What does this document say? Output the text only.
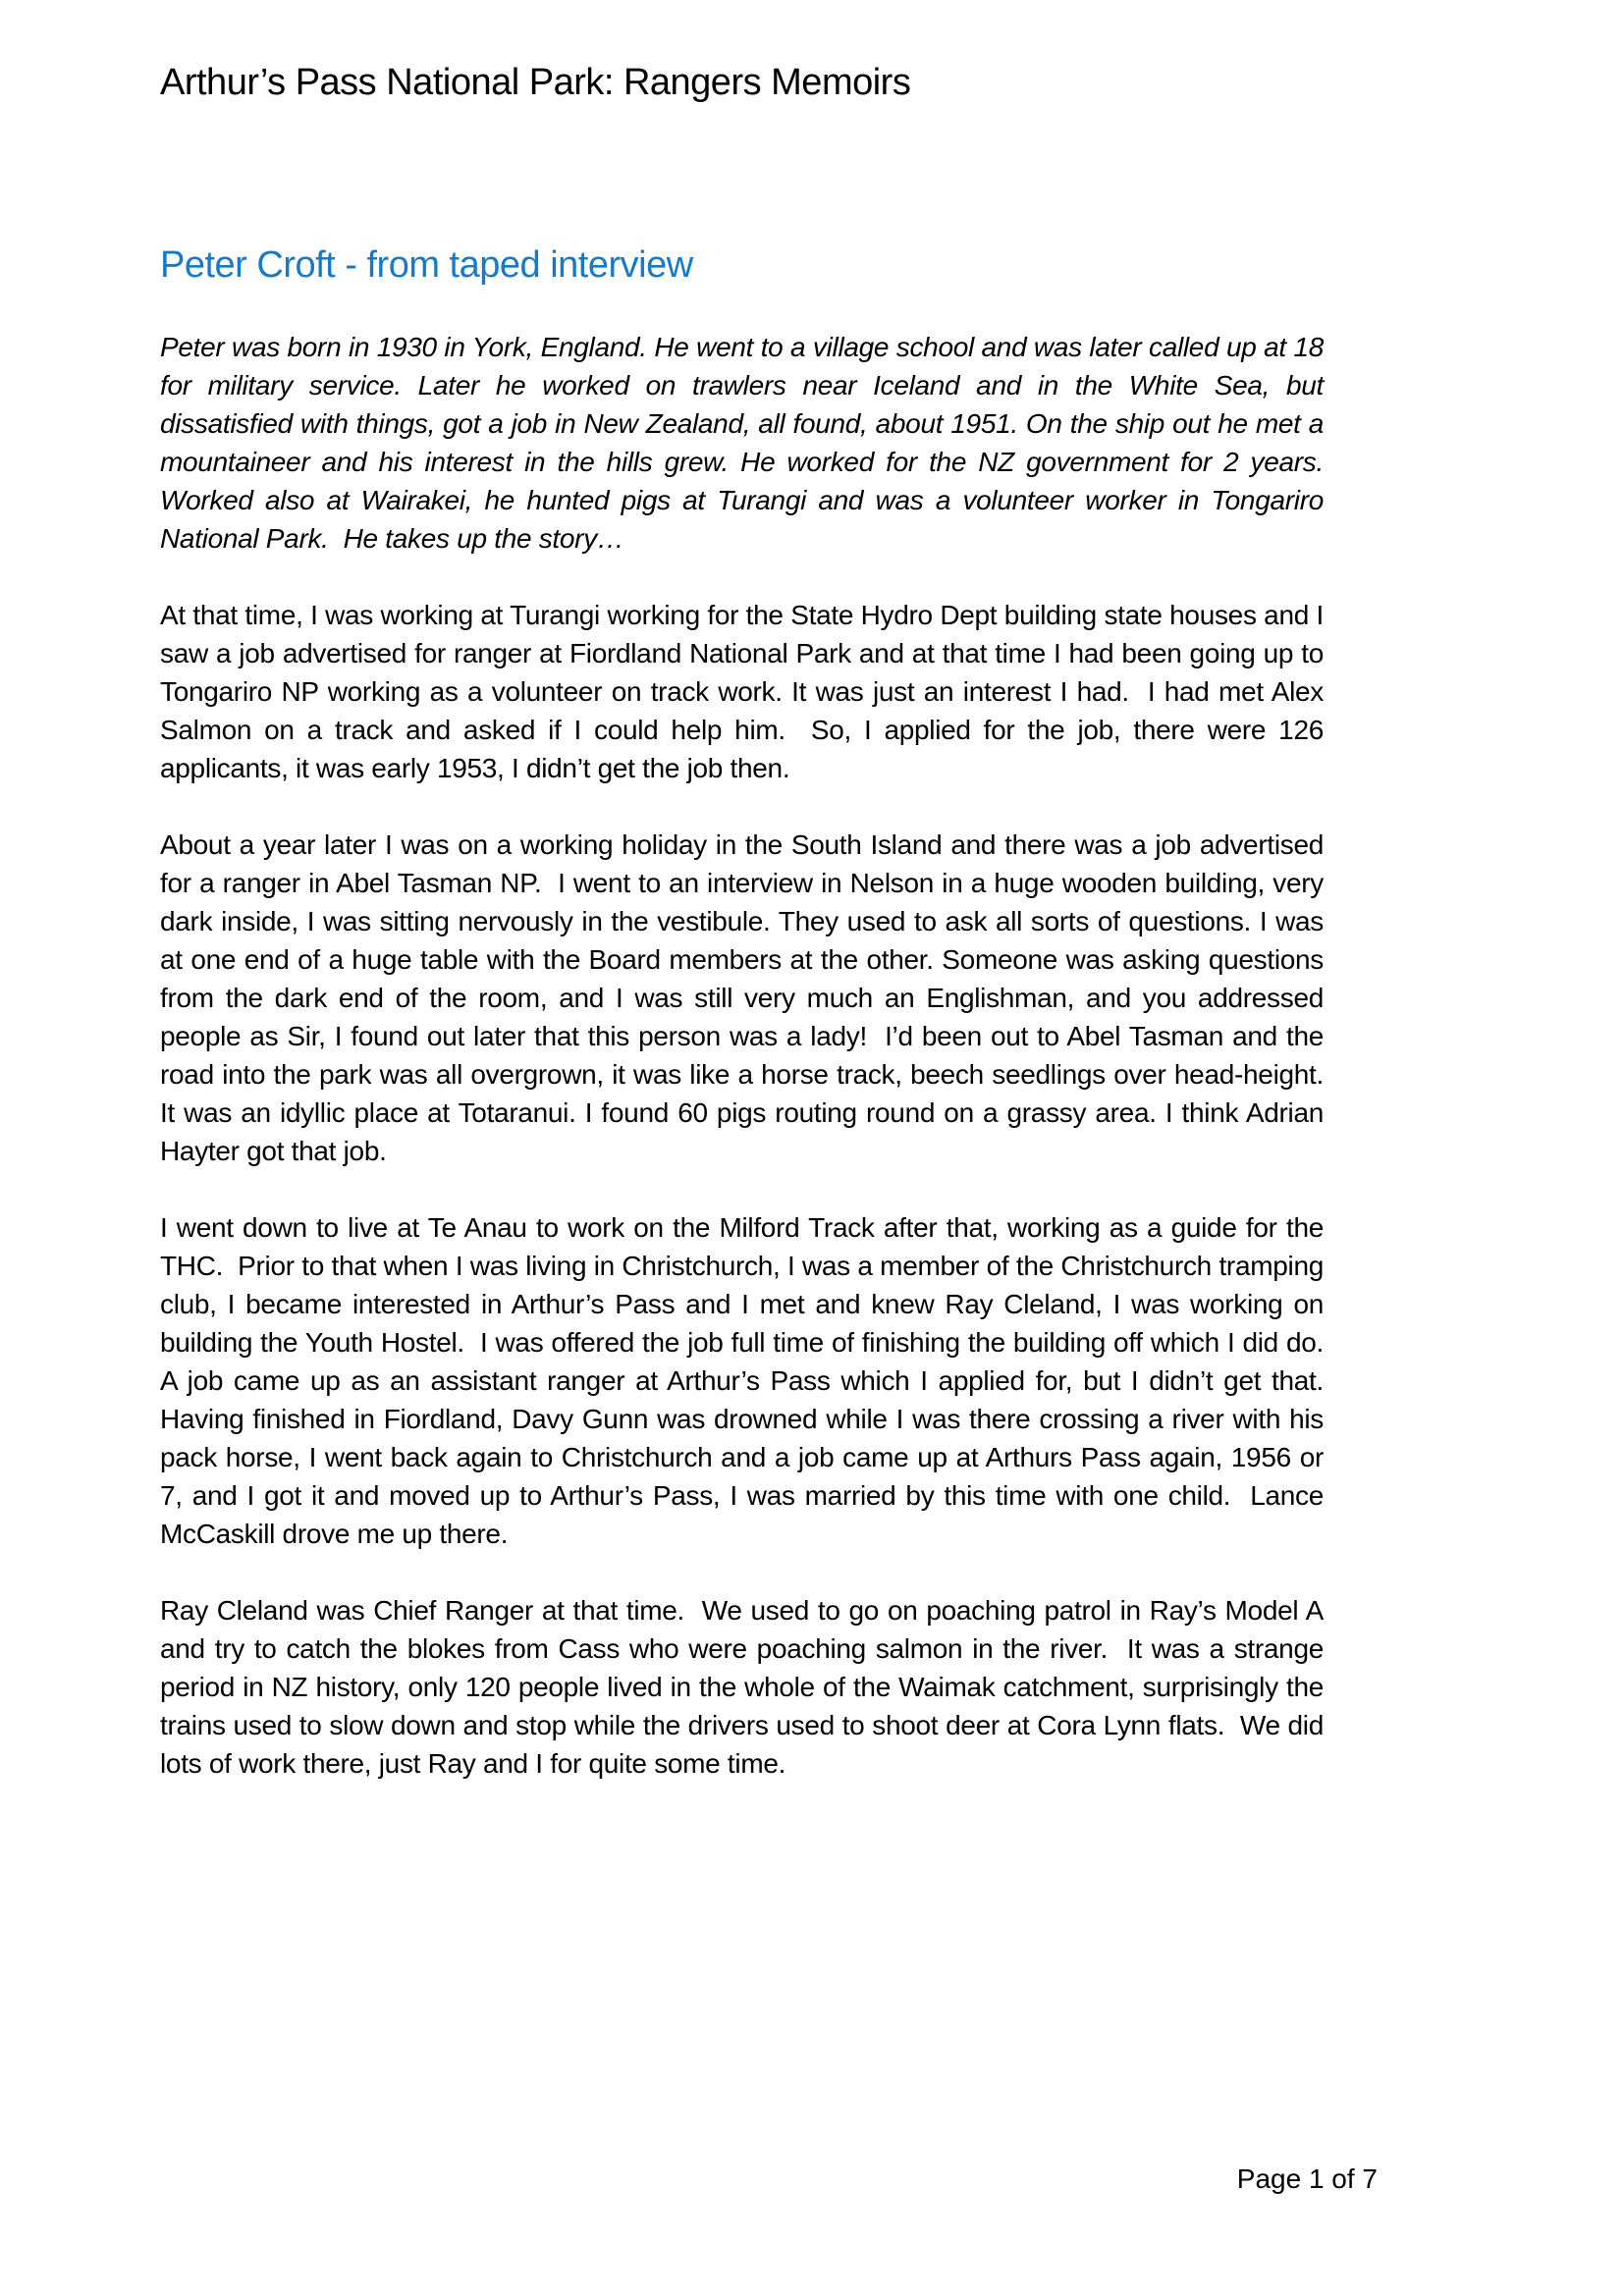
Arthur’s Pass National Park: Rangers Memoirs
Peter Croft - from taped interview

Peter was born in 1930 in York, England. He went to a village school and was later called up at 18 for military service. Later he worked on trawlers near Iceland and in the White Sea, but dissatisfied with things, got a job in New Zealand, all found, about 1951. On the ship out he met a mountaineer and his interest in the hills grew. He worked for the NZ government for 2 years. Worked also at Wairakei, he hunted pigs at Turangi and was a volunteer worker in Tongariro National Park.  He takes up the story…

At that time, I was working at Turangi working for the State Hydro Dept building state houses and I saw a job advertised for ranger at Fiordland National Park and at that time I had been going up to Tongariro NP working as a volunteer on track work. It was just an interest I had.  I had met Alex Salmon on a track and asked if I could help him.  So, I applied for the job, there were 126 applicants, it was early 1953, I didn’t get the job then.

About a year later I was on a working holiday in the South Island and there was a job advertised for a ranger in Abel Tasman NP.  I went to an interview in Nelson in a huge wooden building, very dark inside, I was sitting nervously in the vestibule. They used to ask all sorts of questions. I was at one end of a huge table with the Board members at the other. Someone was asking questions from the dark end of the room, and I was still very much an Englishman, and you addressed people as Sir, I found out later that this person was a lady!  I’d been out to Abel Tasman and the road into the park was all overgrown, it was like a horse track, beech seedlings over head-height.  It was an idyllic place at Totaranui. I found 60 pigs routing round on a grassy area. I think Adrian Hayter got that job.

I went down to live at Te Anau to work on the Milford Track after that, working as a guide for the THC.  Prior to that when I was living in Christchurch, I was a member of the Christchurch tramping club, I became interested in Arthur’s Pass and I met and knew Ray Cleland, I was working on building the Youth Hostel.  I was offered the job full time of finishing the building off which I did do.  A job came up as an assistant ranger at Arthur’s Pass which I applied for, but I didn’t get that.  Having finished in Fiordland, Davy Gunn was drowned while I was there crossing a river with his pack horse, I went back again to Christchurch and a job came up at Arthurs Pass again, 1956 or 7, and I got it and moved up to Arthur’s Pass, I was married by this time with one child.  Lance McCaskill drove me up there.

Ray Cleland was Chief Ranger at that time.  We used to go on poaching patrol in Ray’s Model A and try to catch the blokes from Cass who were poaching salmon in the river.  It was a strange period in NZ history, only 120 people lived in the whole of the Waimak catchment, surprisingly the trains used to slow down and stop while the drivers used to shoot deer at Cora Lynn flats.  We did lots of work there, just Ray and I for quite some time.

Page 1 of 7
